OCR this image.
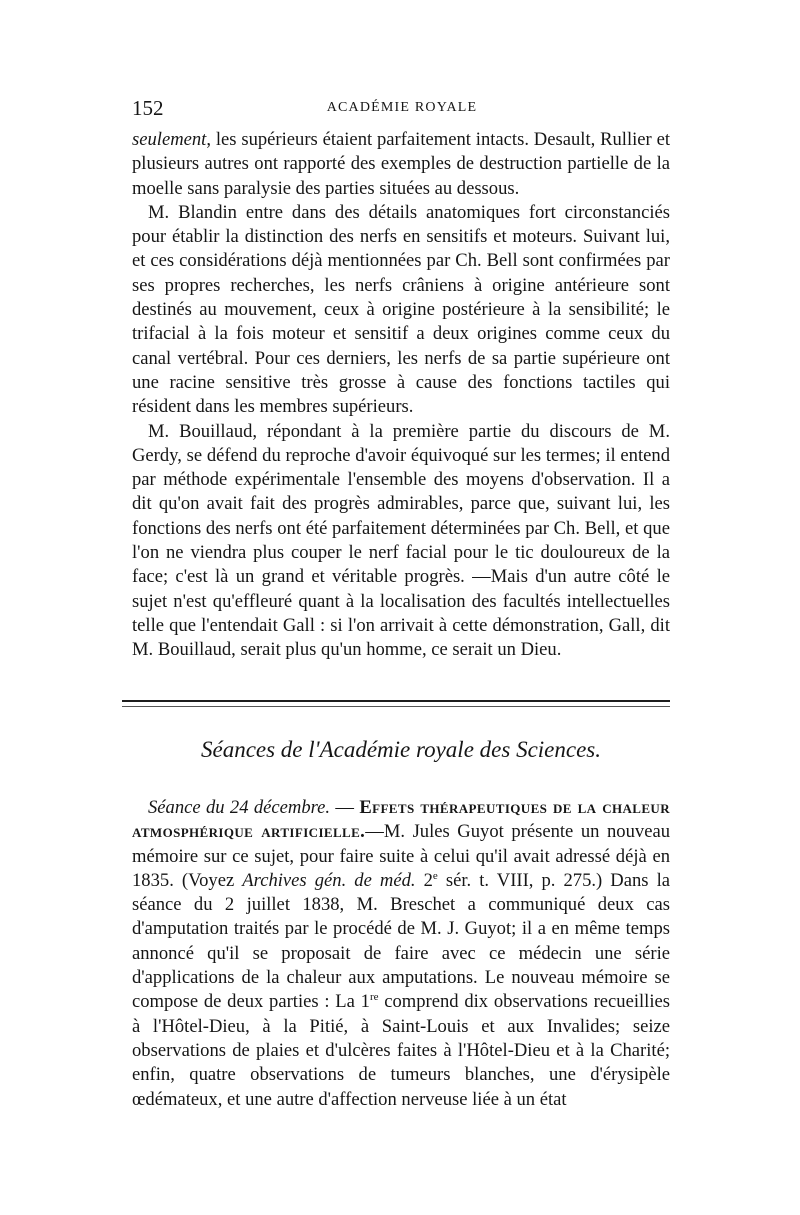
152	ACADÉMIE ROYALE

seulement, les supérieurs étaient parfaitement intacts. Desault, Rullier et plusieurs autres ont rapporté des exemples de destruction partielle de la moelle sans paralysie des parties situées au dessous.

M. Blandin entre dans des détails anatomiques fort circonstanciés pour établir la distinction des nerfs en sensitifs et moteurs. Suivant lui, et ces considérations déjà mentionnées par Ch. Bell sont confirmées par ses propres recherches, les nerfs crâniens à origine antérieure sont destinés au mouvement, ceux à origine postérieure à la sensibilité; le trifacial à la fois moteur et sensitif a deux origines comme ceux du canal vertébral. Pour ces derniers, les nerfs de sa partie supérieure ont une racine sensitive très grosse à cause des fonctions tactiles qui résident dans les membres supérieurs.

M. Bouillaud, répondant à la première partie du discours de M. Gerdy, se défend du reproche d'avoir équivoqué sur les termes; il entend par méthode expérimentale l'ensemble des moyens d'observation. Il a dit qu'on avait fait des progrès admirables, parce que, suivant lui, les fonctions des nerfs ont été parfaitement déterminées par Ch. Bell, et que l'on ne viendra plus couper le nerf facial pour le tic douloureux de la face; c'est là un grand et véritable progrès. —Mais d'un autre côté le sujet n'est qu'effleuré quant à la localisation des facultés intellectuelles telle que l'entendait Gall : si l'on arrivait à cette démonstration, Gall, dit M. Bouillaud, serait plus qu'un homme, ce serait un Dieu.

Séances de l'Académie royale des Sciences.

Séance du 24 décembre. — Effets thérapeutiques de la chaleur atmosphérique artificielle.—M. Jules Guyot présente un nouveau mémoire sur ce sujet, pour faire suite à celui qu'il avait adressé déjà en 1835. (Voyez Archives gén. de méd. 2e sér. t. VIII, p. 275.) Dans la séance du 2 juillet 1838, M. Breschet a communiqué deux cas d'amputation traités par le procédé de M. J. Guyot; il a en même temps annoncé qu'il se proposait de faire avec ce médecin une série d'applications de la chaleur aux amputations. Le nouveau mémoire se compose de deux parties : La 1re comprend dix observations recueillies à l'Hôtel-Dieu, à la Pitié, à Saint-Louis et aux Invalides; seize observations de plaies et d'ulcères faites à l'Hôtel-Dieu et à la Charité; enfin, quatre observations de tumeurs blanches, une d'érysipèle œdémateux, et une autre d'affection nerveuse liée à un état
